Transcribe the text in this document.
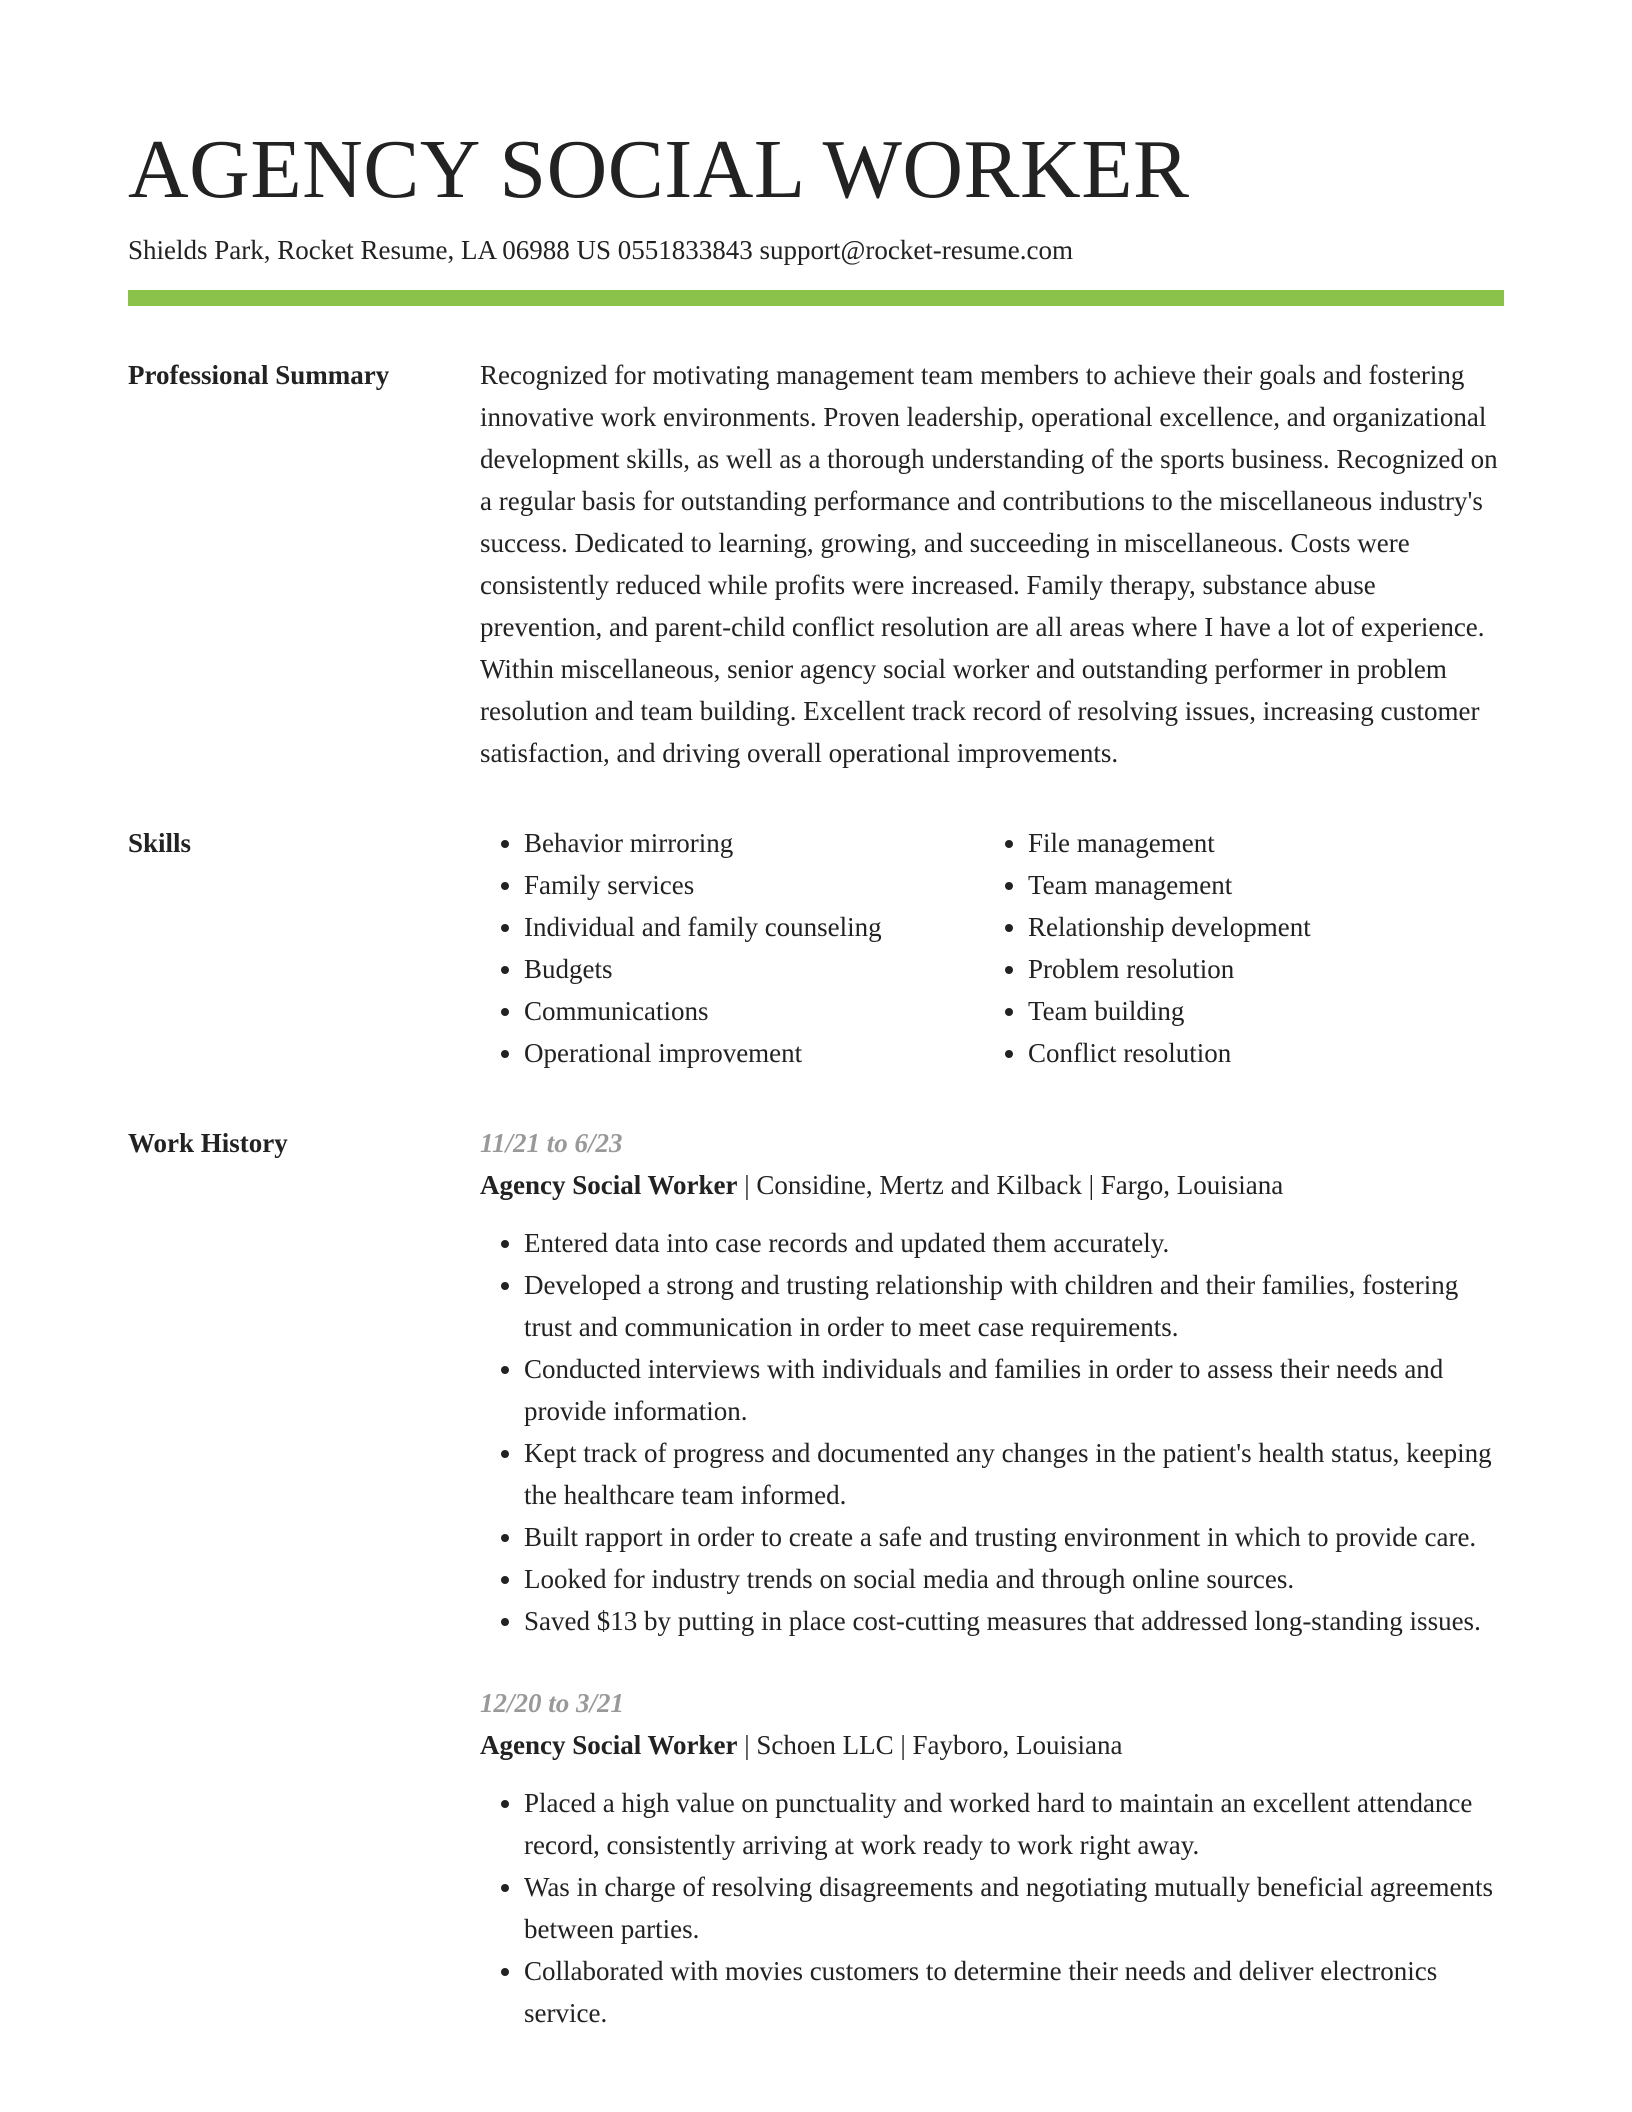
AGENCY SOCIAL WORKER
Shields Park, Rocket Resume, LA 06988 US 0551833843 support@rocket-resume.com
Professional Summary	Recognized for motivating management team members to achieve their goals and fostering innovative work environments. Proven leadership, operational excellence, and organizational development skills, as well as a thorough understanding of the sports business. Recognized on a regular basis for outstanding performance and contributions to the miscellaneous industry's success. Dedicated to learning, growing, and succeeding in miscellaneous. Costs were consistently reduced while profits were increased. Family therapy, substance abuse prevention, and parent-child conflict resolution are all areas where I have a lot of experience. Within miscellaneous, senior agency social worker and outstanding performer in problem resolution and team building. Excellent track record of resolving issues, increasing customer satisfaction, and driving overall operational improvements.

Skills
•	Behavior mirroring
• Family services
• Individual and family counseling
• Budgets
• Communications
• Operational improvement
• File management
• Team management
• Relationship development
• Problem resolution
• Team building
• Conflict resolution
Work History	11/21 to 6/23
Agency Social Worker | Considine, Mertz and Kilback | Fargo, Louisiana
• Entered data into case records and updated them accurately.
• Developed a strong and trusting relationship with children and their families, fostering trust and communication in order to meet case requirements.
• Conducted interviews with individuals and families in order to assess their needs and provide information.
• Kept track of progress and documented any changes in the patient's health status, keeping the healthcare team informed.
• Built rapport in order to create a safe and trusting environment in which to provide care.
• Looked for industry trends on social media and through online sources.
• Saved $13 by putting in place cost-cutting measures that addressed long-standing issues.
12/20 to 3/21
Agency Social Worker | Schoen LLC | Fayboro, Louisiana
• Placed a high value on punctuality and worked hard to maintain an excellent attendance record, consistently arriving at work ready to work right away.
• Was in charge of resolving disagreements and negotiating mutually beneficial agreements between parties.
• Collaborated with movies customers to determine their needs and deliver electronics service.
